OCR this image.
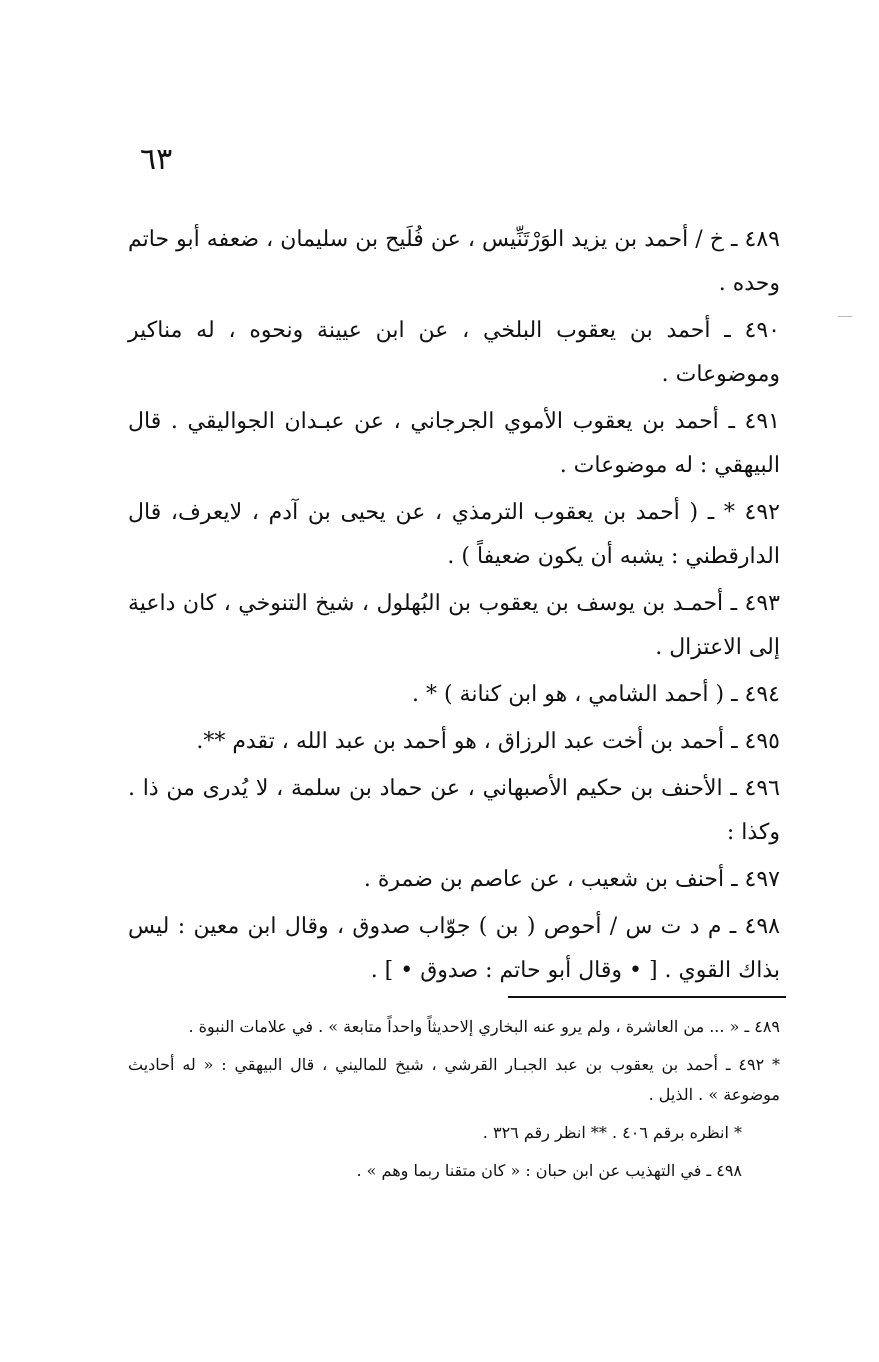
٦٣

٤٨٩ ـ خ / أحمد بن يزيد الوَرْتَنِّيس ، عن فُلَيح بن سليمان ، ضعفه أبو حاتم وحده .

٤٩٠ ـ أحمد بن يعقوب البلخي ، عن ابن عيينة ونحوه ، له مناكير وموضوعات .

٤٩١ ـ أحمد بن يعقوب الأموي الجرجاني ، عن عبـدان الجواليقي . قال البيهقي : له موضوعات .

٤٩٢ * ـ ( أحمد بن يعقوب الترمذي ، عن يحيى بن آدم ، لايعرف، قال الدارقطني : يشبه أن يكون ضعيفاً ) .

٤٩٣ ـ أحمـد بن يوسف بن يعقوب بن البُهلول ، شيخ التنوخي ، كان داعية إلى الاعتزال .

٤٩٤ ـ ( أحمد الشامي ، هو ابن كنانة ) * .

٤٩٥ ـ أحمد بن أخت عبد الرزاق ، هو أحمد بن عبد الله ، تقدم **.

٤٩٦ ـ الأحنف بن حكيم الأصبهاني ، عن حماد بن سلمة ، لا يُدرى من ذا . وكذا :

٤٩٧ ـ أحنف بن شعيب ، عن عاصم بن ضمرة .

٤٩٨ ـ م د ت س / أحوص ( بن ) جوّاب صدوق ، وقال ابن معين : ليس بذاك القوي . [ • وقال أبو حاتم : صدوق • ] .

٤٨٩ ـ « ... من العاشرة ، ولم يرو عنه البخاري إلاحديثاً واحداً متابعة » . في علامات النبوة .

* ٤٩٢ ـ أحمد بن يعقوب بن عبد الجبـار القرشي ، شيخ للماليني ، قال البيهقي : « له أحاديث موضوعة » . الذيل .

* انظره برقم ٤٠٦ . ** انظر رقم ٣٢٦ .

٤٩٨ ـ في التهذيب عن ابن حبان : « كان متقنا ربما وهم » .
